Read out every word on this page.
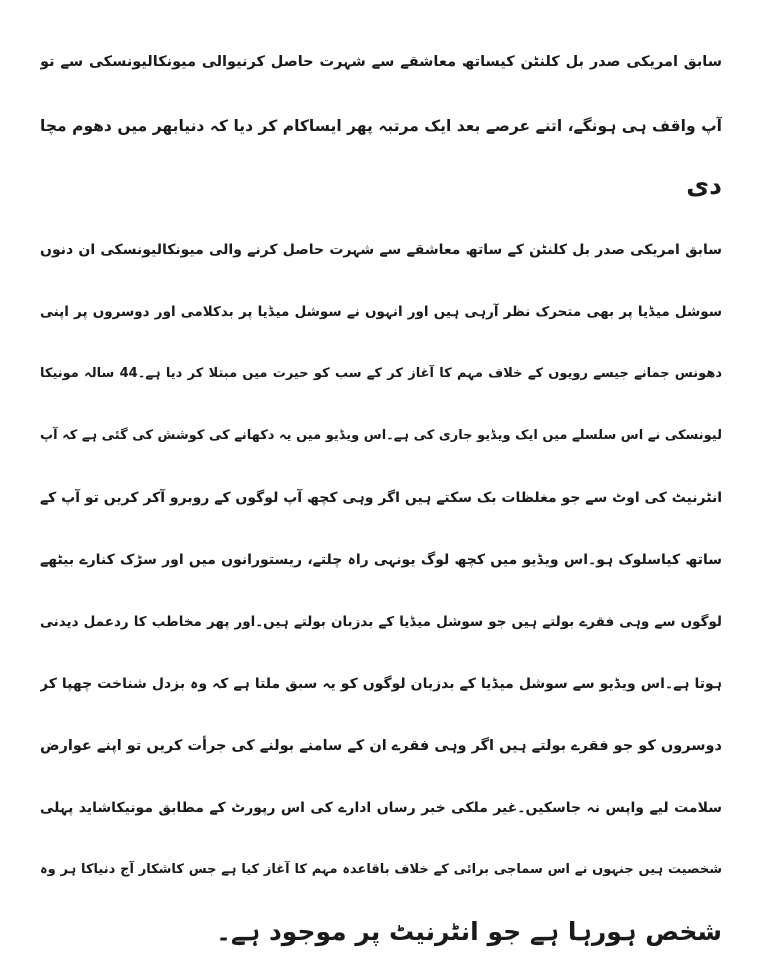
سابق امریکی صدر بل کلنٹن کیساتھ معاشقے سے شہرت حاصل کرنیوالی میونکالیونسکی سے تو
آپ واقف ہی ہونگے، اتنے عرصے بعد ایک مرتبہ پھر ایساکام کر دیا کہ دنیابھر میں دھوم مچا
دی
سابق امریکی صدر بل کلنٹن کے ساتھ معاشقے سے شہرت حاصل کرنے والی میونکالیونسکی ان دنوں
سوشل میڈیا پر بھی متحرک نظر آرہی ہیں اور انہوں نے سوشل میڈیا پر بدکلامی اور دوسروں پر اپنی
دھونس جمانے جیسے رویوں کے خلاف مہم کا آغاز کر کے سب کو حیرت میں مبتلا کر دیا ہے۔44 سالہ مونیکا
لیونسکی نے اس سلسلے میں ایک ویڈیو جاری کی ہے۔اس ویڈیو میں یہ دکھانے کی کوشش کی گئی ہے کہ آپ
انٹرنیٹ کی اوٹ سے جو مغلظات بک سکتے ہیں اگر وہی کچھ آپ لوگوں کے روبرو آکر کریں تو آپ کے
ساتھ کیاسلوک ہو۔اس ویڈیو میں کچھ لوگ یونہی راہ چلتے، ریستورانوں میں اور سڑک کنارے بیٹھے
لوگوں سے وہی فقرے بولتے ہیں جو سوشل میڈیا کے بدزبان بولتے ہیں۔اور پھر مخاطب کا ردعمل دیدنی
ہوتا ہے۔اس ویڈیو سے سوشل میڈیا کے بدزبان لوگوں کو یہ سبق ملتا ہے کہ وہ بزدل شناخت چھپا کر
دوسروں کو جو فقرے بولتے ہیں اگر وہی فقرے ان کے سامنے بولنے کی جرأت کریں تو اپنے عوارض
سلامت لیے واپس نہ جاسکیں۔غیر ملکی خبر رساں ادارے کی اس رپورٹ کے مطابق مونیکاشاید پہلی
شخصیت ہیں جنہوں نے اس سماجی برائی کے خلاف باقاعدہ مہم کا آغاز کیا ہے جس کاشکار آج دنیاکا ہر وہ
شخص ہورہا ہے جو انٹرنیٹ پر موجود ہے۔
